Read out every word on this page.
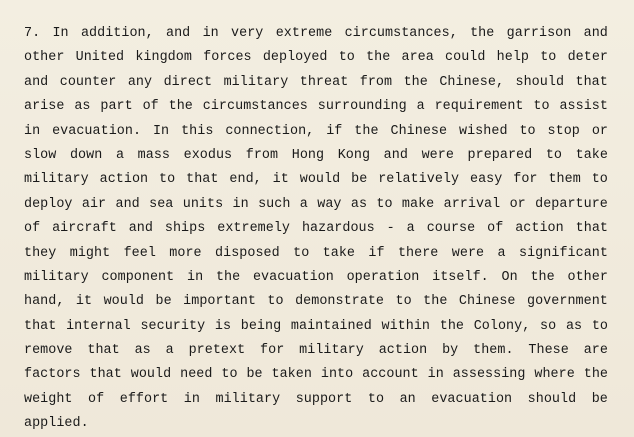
7. In addition, and in very extreme circumstances, the garrison and
other United kingdom forces deployed to the area could help to deter
and counter any direct military threat from the Chinese, should that
arise as part of the circumstances surrounding a requirement to assist
in evacuation. In this connection, if the Chinese wished to stop or
slow down a mass exodus from Hong Kong and were prepared to take
military action to that end, it would be relatively easy for them to
deploy air and sea units in such a way as to make arrival or departure
of aircraft and ships extremely hazardous - a course of action that
they might feel more disposed to take if there were a significant
military component in the evacuation operation itself. On the other
hand, it would be important to demonstrate to the Chinese government
that internal security is being maintained within the Colony, so as to
remove that as a pretext for military action by them. These are
factors that would need to be taken into account in assessing where the
weight of effort in military support to an evacuation should be
applied.
